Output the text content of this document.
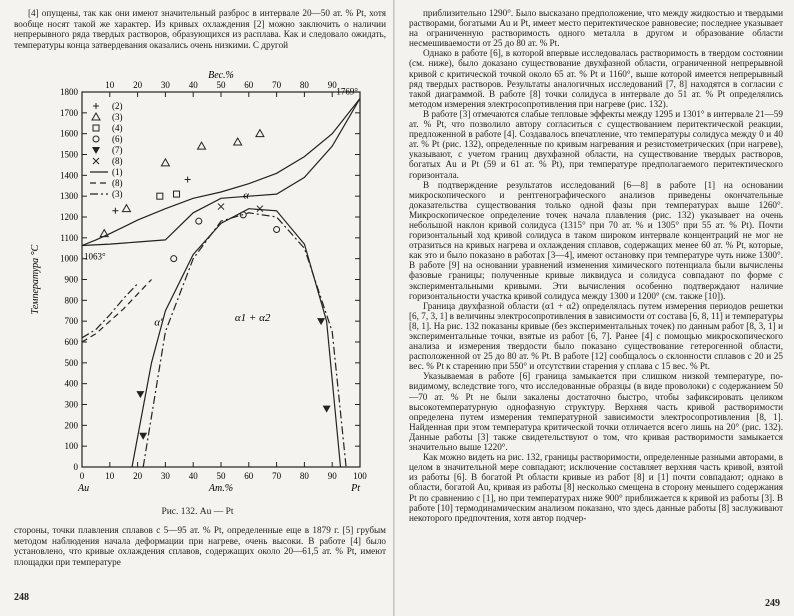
[4] опущены, так как они имеют значительный разброс в интервале 20—50 ат. % Pt, хотя вообще носят такой же характер. Из кривых охлаждения [2] можно заключить о наличии непрерывного ряда твердых растворов, образующихся из расплава. Как и следовало ожидать, температуры конца затвердевания оказались очень низкими. С другой

0
100
200
300
400
500
600
700
800
900
1000
1100
1200
1300
1400
1500
1600
1700
1800
0 10 20 30 40 50 60 70 80 90 100
10 20 30 40 50 60 70 80 90
Вес.%
Am.%
Au	Pt
Температура °C
(2)
(3)
(4)
(6)
(7)
(8)
(1)
(8)
(3)
1063°
1769°
α'	α1 + α2
α
Рис. 132. Au — Pt

стороны, точки плавления сплавов с 5—95 ат. % Pt, определенные еще в 1879 г. [5] грубым методом наблюдения начала деформации при нагреве, очень высоки. В работе [4] было установлено, что кривые охлаждения сплавов, содержащих около 20—61,5 ат. % Pt, имеют площадки при температуре

248

приблизительно 1290°. Было высказано предположение, что между жидкостью и твердыми растворами, богатыми Au и Pt, имеет место перитектическое равновесие; последнее указывает на ограниченную растворимость одного металла в другом и образование области несмешиваемости от 25 до 80 ат. % Pt.

Однако в работе [6], в которой впервые исследовалась растворимость в твердом состоянии (см. ниже), было доказано существование двухфазной области, ограниченной непрерывной кривой с критической точкой около 65 ат. % Pt и 1160°, выше которой имеется непрерывный ряд твердых растворов. Результаты аналогичных исследований [7, 8] находятся в согласии с такой диаграммой. В работе [8] точки солидуса в интервале до 51 ат. % Pt определялись методом измерения электросопротивления при нагреве (рис. 132).

В работе [3] отмечаются слабые тепловые эффекты между 1295 и 1301° в интервале 21—59 ат. % Pt, что позволило автору согласиться с существованием перитектической реакции, предложенной в работе [4]. Создавалось впечатление, что температуры солидуса между 0 и 40 ат. % Pt (рис. 132), определенные по кривым нагревания и резистометрических (при нагреве), указывают, с учетом границ двухфазной области, на существование твердых растворов, богатых Au и Pt (59 и 61 ат. % Pt), при температуре предполагаемого перитектического горизонтала.

В подтверждение результатов исследований [6—8] в работе [1] на основании микроскопического и рентгенографического анализов приведены окончательные доказательства существования только одной фазы при температурах выше 1260°. Микроскопическое определение точек начала плавления (рис. 132) указывает на очень небольшой наклон кривой солидуса (1315° при 70 ат. % и 1305° при 55 ат. % Pt). Почти горизонтальный ход кривой солидуса в таком широком интервале концентраций не мог не отразиться на кривых нагрева и охлаждения сплавов, содержащих менее 60 ат. % Pt, которые, как это и было показано в работах [3—4], имеют остановку при температуре чуть ниже 1300°. В работе [9] на основании уравнений изменения химического потенциала были вычислены фазовые границы; полученные кривые ликвидуса и солидуса совпадают по форме с экспериментальными кривыми. Эти вычисления особенно подтверждают наличие горизонтальности участка кривой солидуса между 1300 и 1200° (см. также [10]).

Граница двухфазной области (α1 + α2) определялась путем измерения периодов решетки [6, 7, 3, 1] в величины электросопротивления в зависимости от состава [6, 8, 11] и температуры [8, 1]. На рис. 132 показаны кривые (без экспериментальных точек) по данным работ [8, 3, 1] и экспериментальные точки, взятые из работ [6, 7]. Ранее [4] с помощью микроскопического анализа и измерения твердости было показано существование гетерогенной области, расположенной от 25 до 80 ат. % Pt. В работе [12] сообщалось о склонности сплавов с 20 и 25 вес. % Pt к старению при 550° и отсутствии старения у сплава с 15 вес. % Pt.

Указываемая в работе [6] граница замыкается при слишком низкой температуре, по-видимому, вследствие того, что исследованные образцы (в виде проволоки) с содержанием 50—70 ат. % Pt не были закалены достаточно быстро, чтобы зафиксировать целиком высокотемпературную однофазную структуру. Верхняя часть кривой растворимости определена путем измерения температурной зависимости электросопротивления [8, 1]. Найденная при этом температура критической точки отличается всего лишь на 20° (рис. 132). Данные работы [3] также свидетельствуют о том, что кривая растворимости замыкается значительно выше 1220°.

Как можно видеть на рис. 132, границы растворимости, определенные разными авторами, в целом в значительной мере совпадают; исключение составляет верхняя часть кривой, взятой из работы [6]. В богатой Pt области кривые из работ [8] и [1] почти совпадают; однако в области, богатой Au, кривая из работы [8] несколько смещена в сторону меньшего содержания Pt по сравнению с [1], но при температурах ниже 900° приближается к кривой из работы [3]. В работе [10] термодинамическим анализом показано, что здесь данные работы [8] заслуживают некоторого предпочтения, хотя автор подчер-

249
